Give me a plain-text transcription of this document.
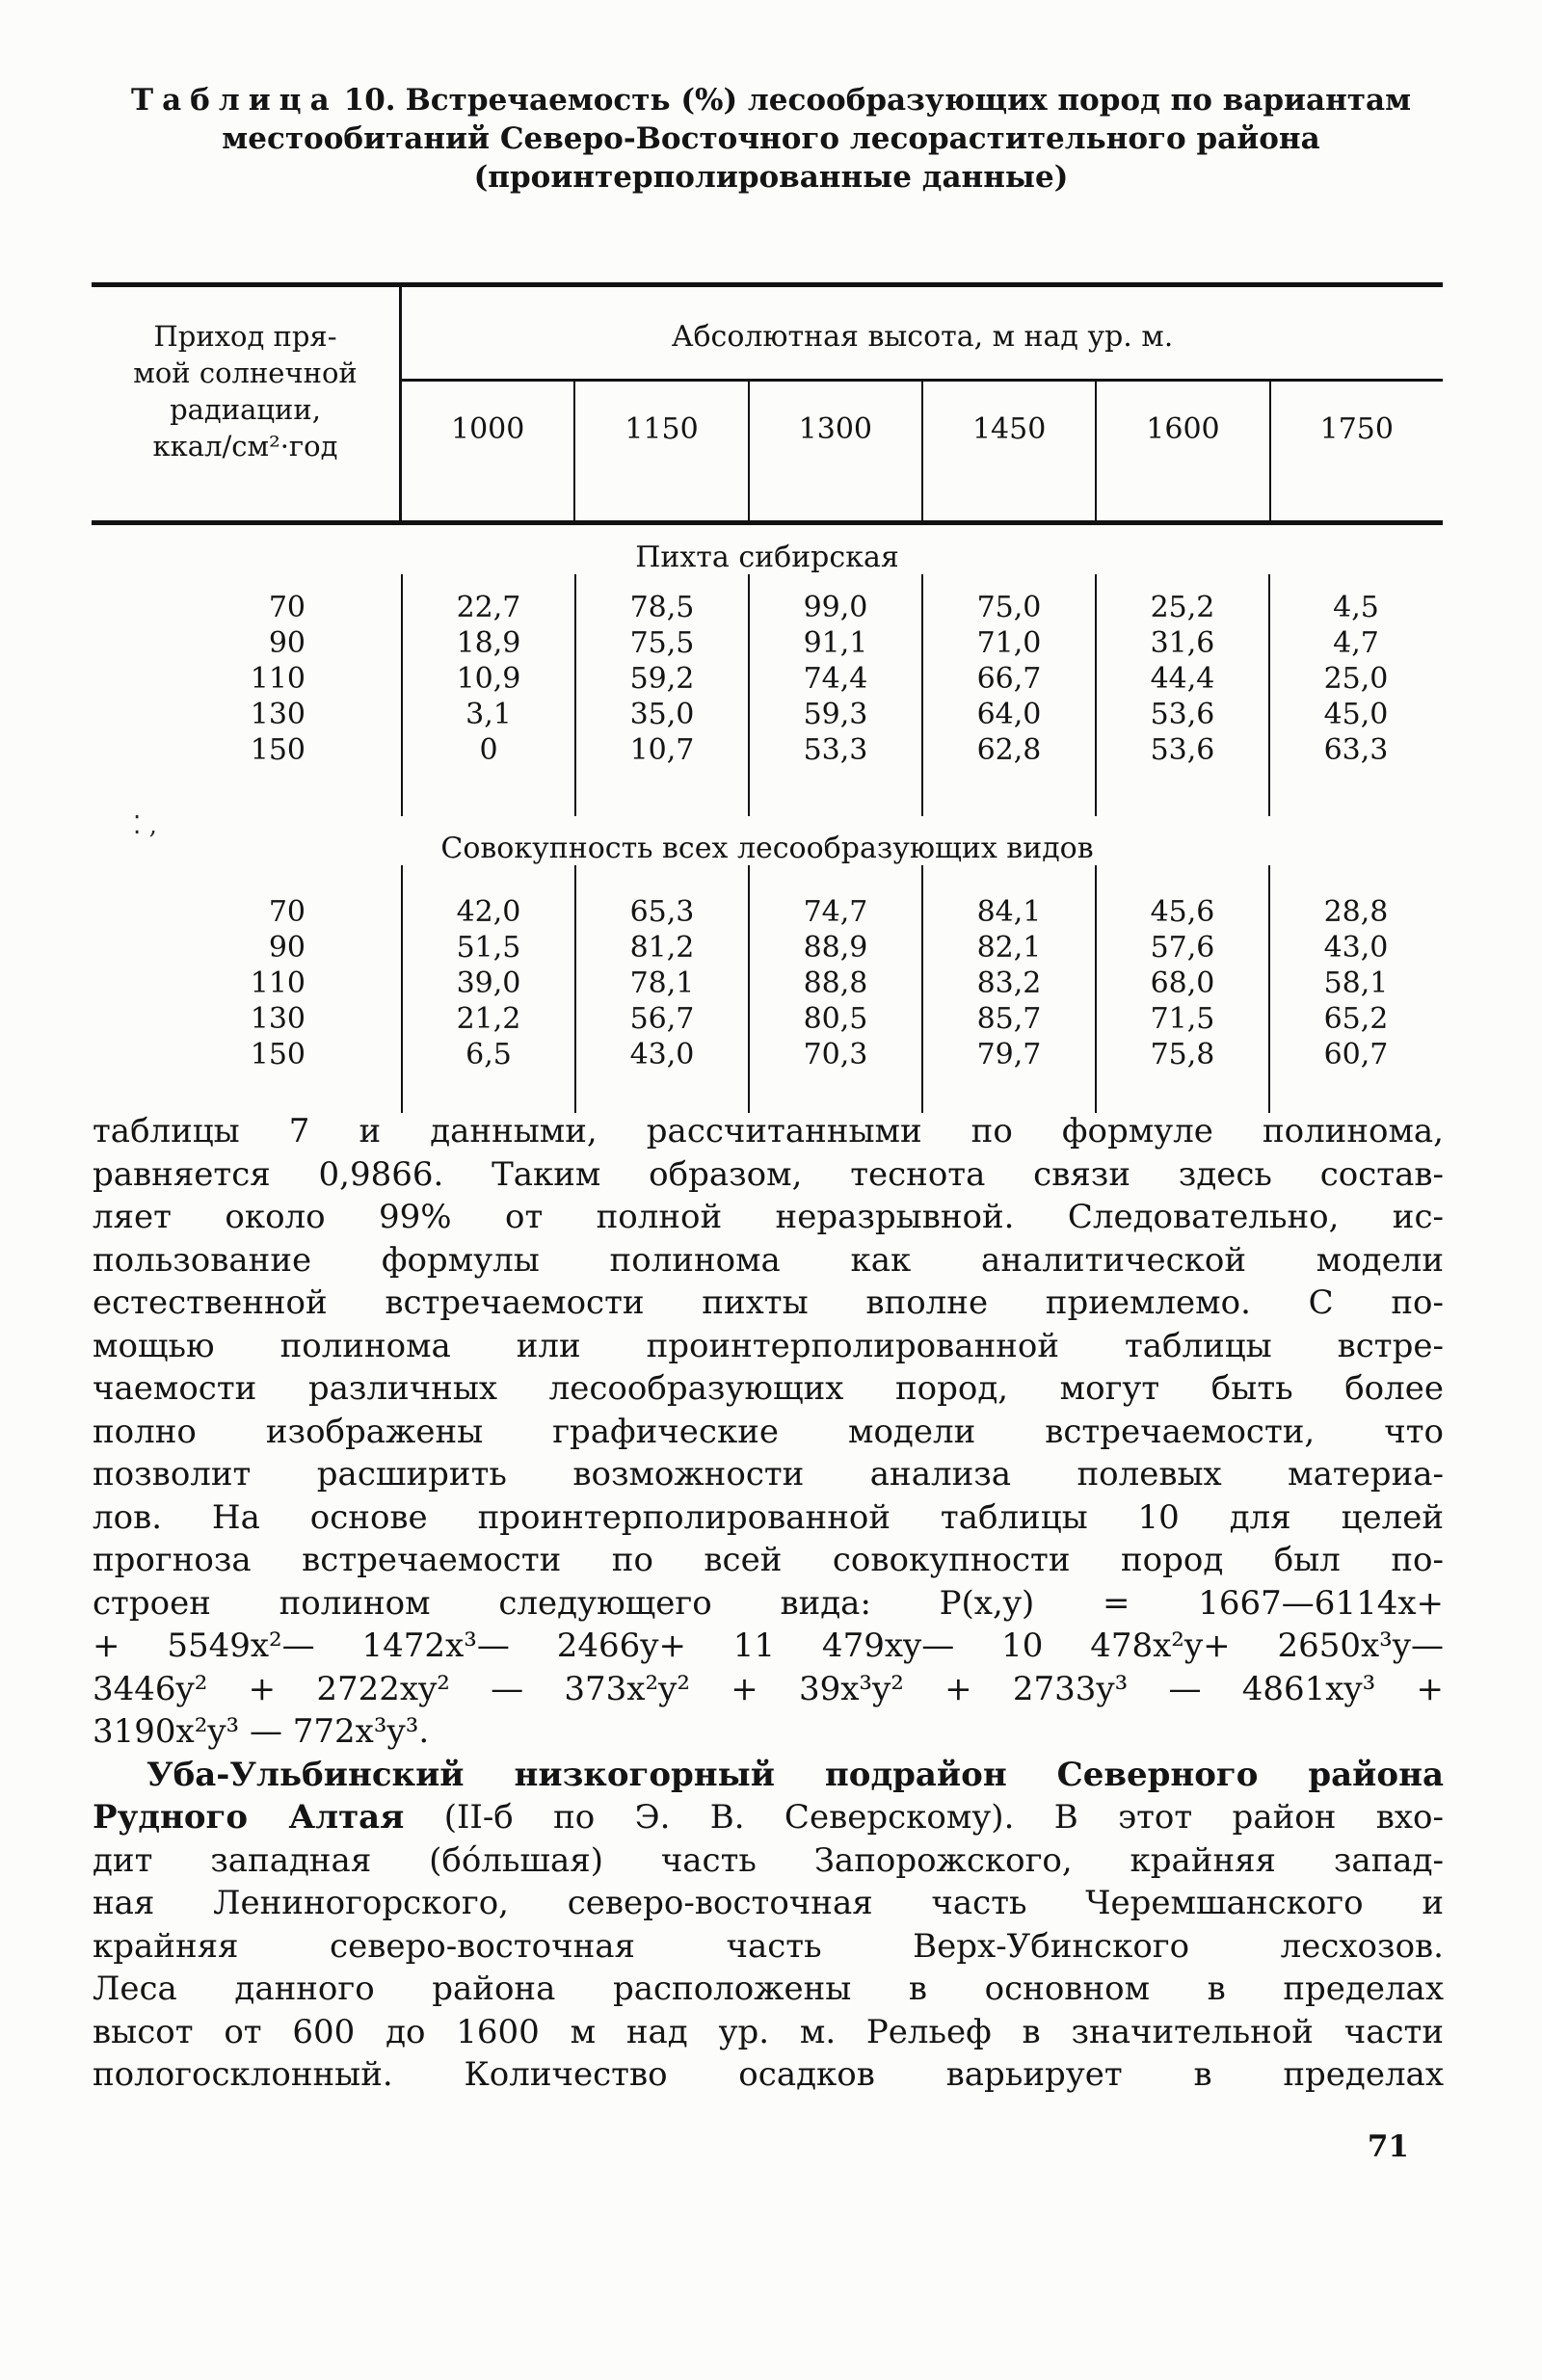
Таблица 10. Встречаемость (%) лесообразующих пород по вариантам
местообитаний Северо-Восточного лесорастительного района
(проинтерполированные данные)
Приход пря-
мой солнечной
радиации,
ккал/см²·год
Абсолютная высота, м над ур. м.
1000	1150	1300	1450	1600	1750
Пихта сибирская
70	22,7	78,5	99,0	75,0	25,2	4,5
90	18,9	75,5	91,1	71,0	31,6	4,7
110	10,9	59,2	74,4	66,7	44,4	25,0
130	3,1	35,0	59,3	64,0	53,6	45,0
150	0	10,7	53,3	62,8	53,6	63,3
Совокупность всех лесообразующих видов
70	42,0	65,3	74,7	84,1	45,6	28,8
90	51,5	81,2	88,9	82,1	57,6	43,0
110	39,0	78,1	88,8	83,2	68,0	58,1
130	21,2	56,7	80,5	85,7	71,5	65,2
150	6,5	43,0	70,3	79,7	75,8	60,7
⁚ ‚
таблицы 7 и данными, рассчитанными по формуле полинома,
равняется 0,9866. Таким образом, теснота связи здесь состав-
ляет около 99% от полной неразрывной. Следовательно, ис-
пользование формулы полинома как аналитической модели
естественной встречаемости пихты вполне приемлемо. С по-
мощью полинома или проинтерполированной таблицы встре-
чаемости различных лесообразующих пород, могут быть более
полно изображены графические модели встречаемости, что
позволит расширить возможности анализа полевых материа-
лов. На основе проинтерполированной таблицы 10 для целей
прогноза встречаемости по всей совокупности пород был по-
строен полином следующего вида: P(x,y) = 1667—6114x+
+ 5549x²— 1472x³— 2466y+ 11 479xy— 10 478x²y+ 2650x³y—
3446y² + 2722xy² — 373x²y² + 39x³y² + 2733y³ — 4861xy³ +
3190x²y³ — 772x³y³.
Уба-Ульбинский низкогорный подрайон Северного района
Рудного Алтая (II-б по Э. В. Северскому). В этот район вхо-
дит западная (бо́льшая) часть Запорожского, крайняя запад-
ная Лениногорского, северо-восточная часть Черемшанского и
крайняя северо-восточная часть Верх-Убинского лесхозов.
Леса данного района расположены в основном в пределах
высот от 600 до 1600 м над ур. м. Рельеф в значительной части
пологосклонный. Количество осадков варьирует в пределах
71
